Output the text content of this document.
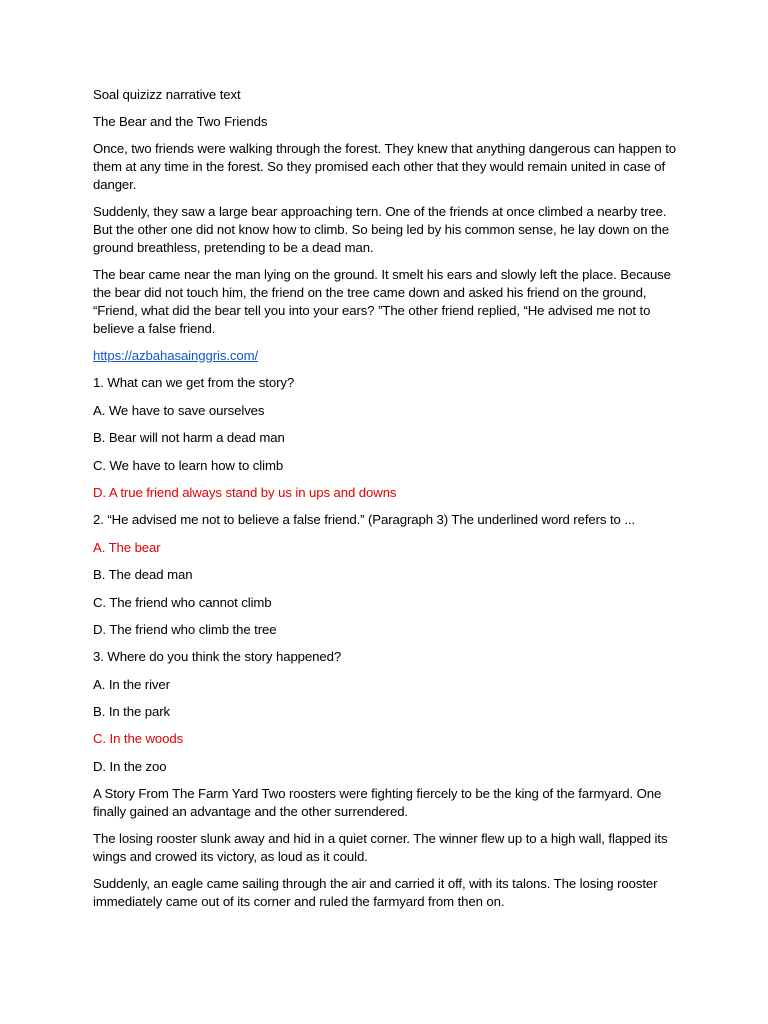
Soal quizizz narrative text

The Bear and the Two Friends

Once, two friends were walking through the forest. They knew that anything dangerous can happen to them at any time in the forest. So they promised each other that they would remain united in case of danger.

Suddenly, they saw a large bear approaching tern. One of the friends at once climbed a nearby tree. But the other one did not know how to climb. So being led by his common sense, he lay down on the ground breathless, pretending to be a dead man.

The bear came near the man lying on the ground. It smelt his ears and slowly left the place. Because the bear did not touch him, the friend on the tree came down and asked his friend on the ground, “Friend, what did the bear tell you into your ears? ”The other friend replied, “He advised me not to believe a false friend.

https://azbahasainggris.com/

1. What can we get from the story?

A. We have to save ourselves

B. Bear will not harm a dead man

C. We have to learn how to climb

D. A true friend always stand by us in ups and downs

2. “He advised me not to believe a false friend.” (Paragraph 3) The underlined word refers to ...

A. The bear

B. The dead man

C. The friend who cannot climb

D. The friend who climb the tree

3. Where do you think the story happened?

A. In the river

B. In the park

C. In the woods

D. In the zoo

A Story From The Farm Yard Two roosters were fighting fiercely to be the king of the farmyard. One finally gained an advantage and the other surrendered.

The losing rooster slunk away and hid in a quiet corner. The winner flew up to a high wall, flapped its wings and crowed its victory, as loud as it could.

Suddenly, an eagle came sailing through the air and carried it off, with its talons. The losing rooster immediately came out of its corner and ruled the farmyard from then on.
